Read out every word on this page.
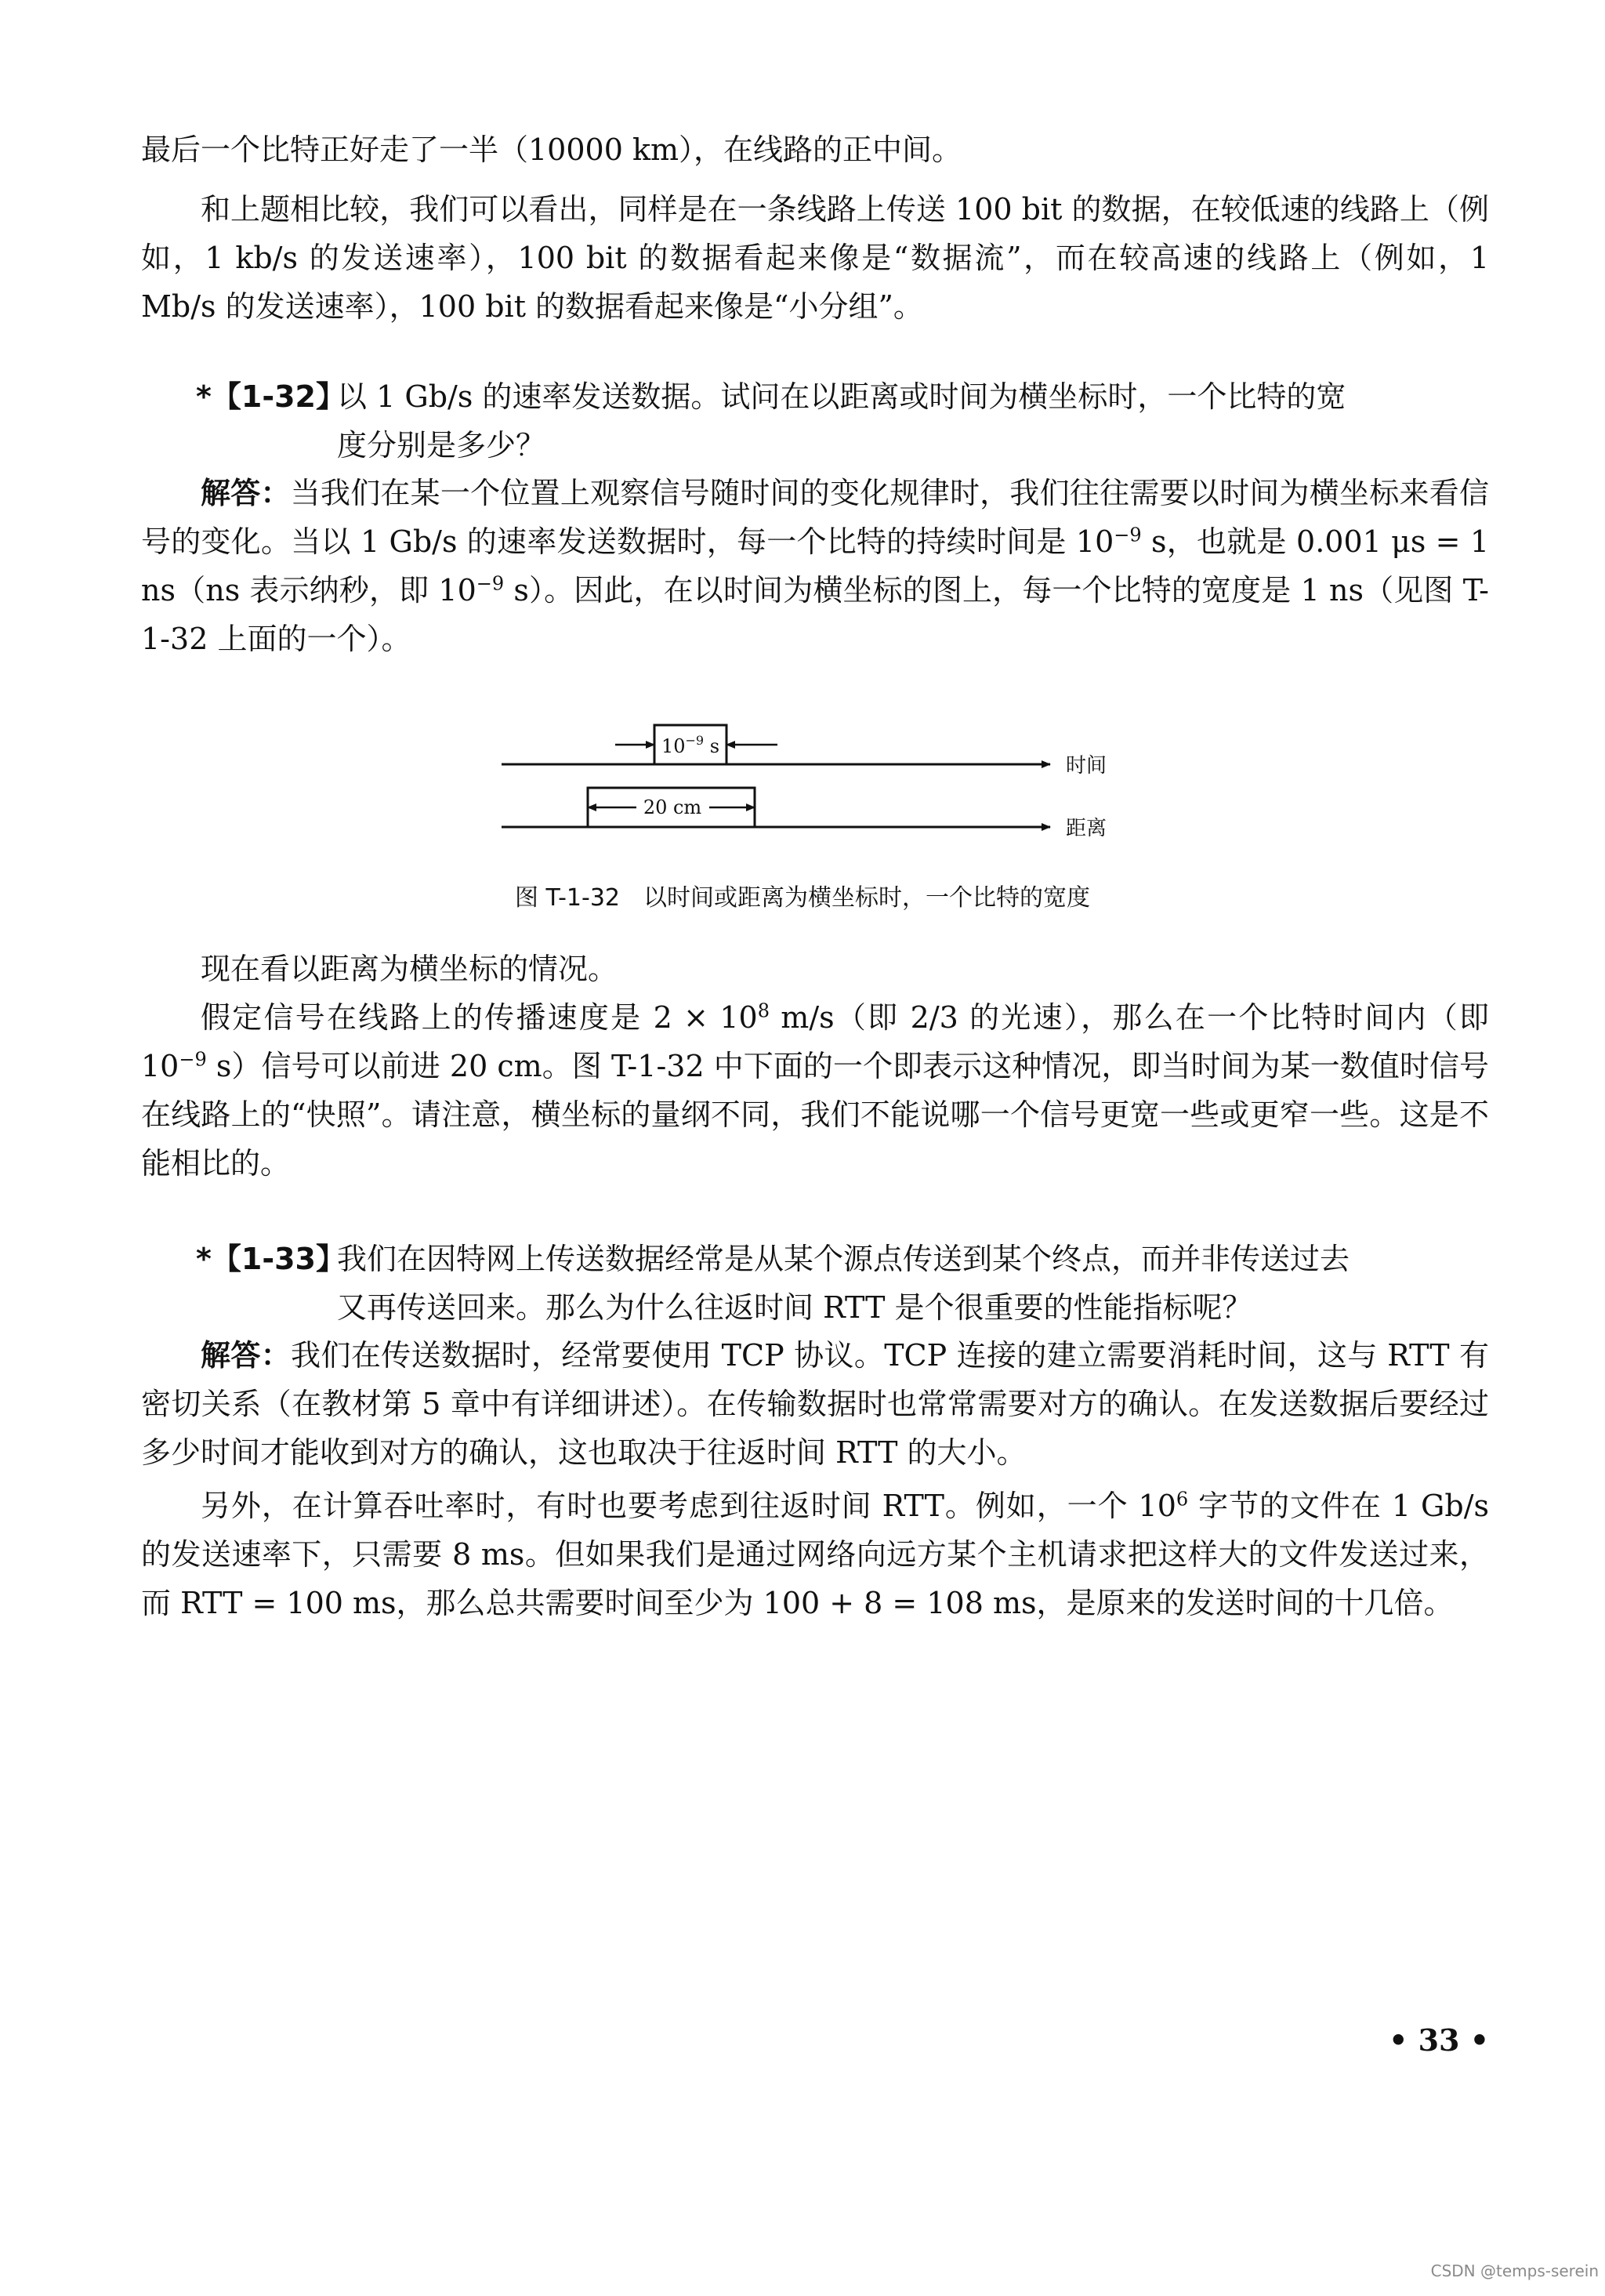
最后一个比特正好走了一半（10000 km），在线路的正中间。

和上题相比较，我们可以看出，同样是在一条线路上传送 100 bit 的数据，在较低速的线路上（例如，1 kb/s 的发送速率），100 bit 的数据看起来像是“数据流”，而在较高速的线路上（例如，1 Mb/s 的发送速率），100 bit 的数据看起来像是“小分组”。

*【1-32】以 1 Gb/s 的速率发送数据。试问在以距离或时间为横坐标时，一个比特的宽
度分别是多少？

解答：当我们在某一个位置上观察信号随时间的变化规律时，我们往往需要以时间为横坐标来看信号的变化。当以 1 Gb/s 的速率发送数据时，每一个比特的持续时间是 $10^{-9}$ s，也就是 0.001 μs = 1 ns（ns 表示纳秒，即 $10^{-9}$ s）。因此，在以时间为横坐标的图上，每一个比特的宽度是 1 ns（见图 T-1-32 上面的一个）。

$10^{-9}$ s
20 cm
时间
距离
图 T-1-32　以时间或距离为横坐标时，一个比特的宽度

现在看以距离为横坐标的情况。

假定信号在线路上的传播速度是 $2 \times 10^8$ m/s（即 2/3 的光速），那么在一个比特时间内（即 $10^{-9}$ s）信号可以前进 20 cm。图 T-1-32 中下面的一个即表示这种情况，即当时间为某一数值时信号在线路上的“快照”。请注意，横坐标的量纲不同，我们不能说哪一个信号更宽一些或更窄一些。这是不能相比的。

*【1-33】我们在因特网上传送数据经常是从某个源点传送到某个终点，而并非传送过去
又再传送回来。那么为什么往返时间 RTT 是个很重要的性能指标呢？

解答：我们在传送数据时，经常要使用 TCP 协议。TCP 连接的建立需要消耗时间，这与 RTT 有密切关系（在教材第 5 章中有详细讲述）。在传输数据时也常常需要对方的确认。在发送数据后要经过多少时间才能收到对方的确认，这也取决于往返时间 RTT 的大小。

另外，在计算吞吐率时，有时也要考虑到往返时间 RTT。例如，一个 $10^6$ 字节的文件在 1 Gb/s 的发送速率下，只需要 8 ms。但如果我们是通过网络向远方某个主机请求把这样大的文件发送过来，而 RTT = 100 ms，那么总共需要时间至少为 100 + 8 = 108 ms，是原来的发送时间的十几倍。

• 33 •
CSDN @temps-serein
